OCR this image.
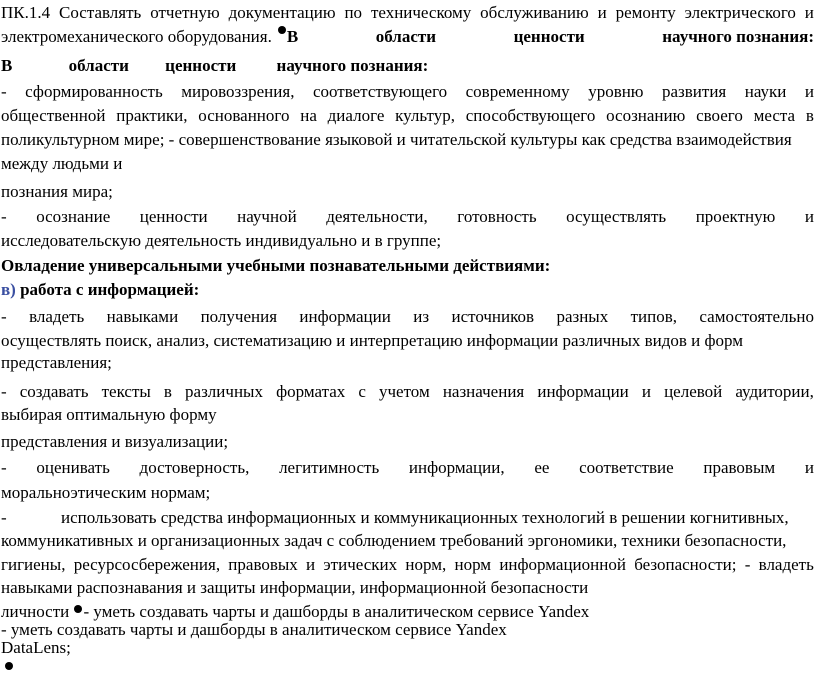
ПК.1.4 Составлять отчетную документацию по техническому обслуживанию и ремонту электрического и
электромеханического оборудования. В	области	ценности	научного познания:
В	области ценности научного познания:
- сформированность мировоззрения, соответствующего современному уровню развития науки и
общественной практики, основанного на диалоге культур, способствующего осознанию своего места в
поликультурном мире; - совершенствование языковой и читательской культуры как средства взаимодействия
между людьми и
познания мира;
- осознание ценности научной деятельности, готовность осуществлять проектную и
исследовательскую деятельность индивидуально и в группе;
Овладение универсальными учебными познавательными действиями:
в) работа с информацией:
- владеть навыками получения информации из источников разных типов, самостоятельно
осуществлять поиск, анализ, систематизацию и интерпретацию информации различных видов и форм
представления;
- создавать тексты в различных форматах с учетом назначения информации и целевой аудитории,
выбирая оптимальную форму
представления и визуализации;
- оценивать достоверность, легитимность информации, ее соответствие правовым и
моральноэтическим нормам;
-	использовать средства информационных и коммуникационных технологий в решении когнитивных,
коммуникативных и организационных задач с соблюдением требований эргономики, техники безопасности,
гигиены, ресурсосбережения, правовых и этических норм, норм информационной безопасности; - владеть
навыками распознавания и защиты информации, информационной безопасности
личности - уметь создавать чарты и дашборды в аналитическом сервисе Yandex
- уметь создавать чарты и дашборды в аналитическом сервисе Yandex
DataLens;
